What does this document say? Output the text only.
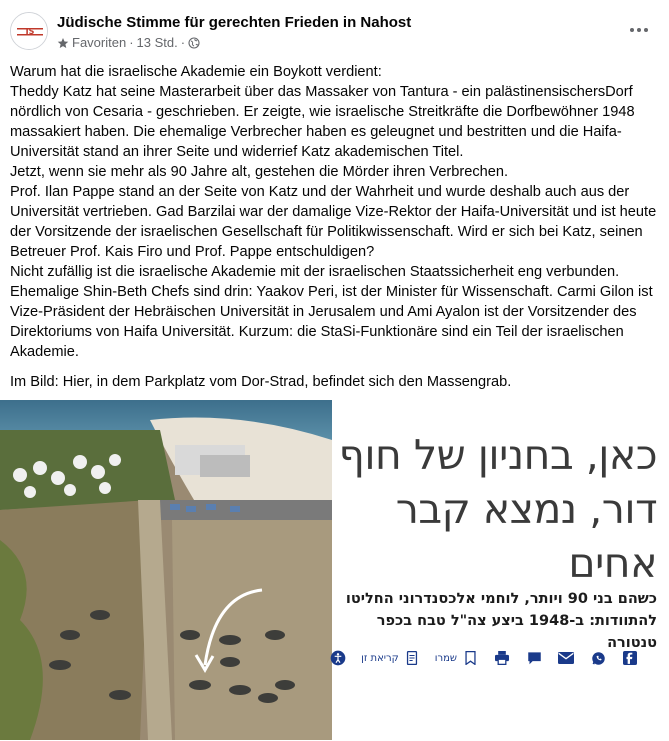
JS
Jüdische Stimme für gerechten Frieden in Nahost
Favoriten · 13 Std. ·

Warum hat die israelische Akademie ein Boykott verdient:

Theddy Katz hat seine Masterarbeit über das Massaker von Tantura - ein palästinensischersDorf nördlich von Cesaria - geschrieben. Er zeigte, wie israelische Streitkräfte die Dorfbewöhner 1948 massakiert haben. Die ehemalige Verbrecher haben es geleugnet und bestritten und die Haifa-Universität stand an ihrer Seite und widerrief Katz akademischen Titel.

Jetzt, wenn sie mehr als 90 Jahre alt, gestehen die Mörder ihren Verbrechen.

Prof. Ilan Pappe stand an der Seite von Katz und der Wahrheit und wurde deshalb auch aus der Universität vertrieben. Gad Barzilai war der damalige Vize-Rektor der Haifa-Universität und ist heute der Vorsitzende der israelischen Gesellschaft für Politikwissenschaft. Wird er sich bei Katz, seinen Betreuer Prof. Kais Firo und Prof. Pappe entschuldigen?

Nicht zufällig ist die israelische Akademie mit der israelischen Staatssicherheit eng verbunden. Ehemalige Shin-Beth Chefs sind drin: Yaakov Peri, ist der Minister für Wissenschaft. Carmi Gilon ist Vize-Präsident der Hebräischen Universität in Jerusalem und Ami Ayalon ist der Vorsitzender des Direktoriums von Haifa Universität. Kurzum: die StaSi-Funktionäre sind ein Teil der israelischen Akademie.

Im Bild: Hier, in dem Parkplatz vom Dor-Strad, befindet sich den Massengrab.

כאן, בחניון של חוף דור, נמצא קבר אחים
כשהם בני 90 ויותר, לוחמי אלכסנדרוני החליטו להתוודות: ב-1948 ביצע צה"ל טבח בכפר טנטורה
שמרו
קריאת זן
